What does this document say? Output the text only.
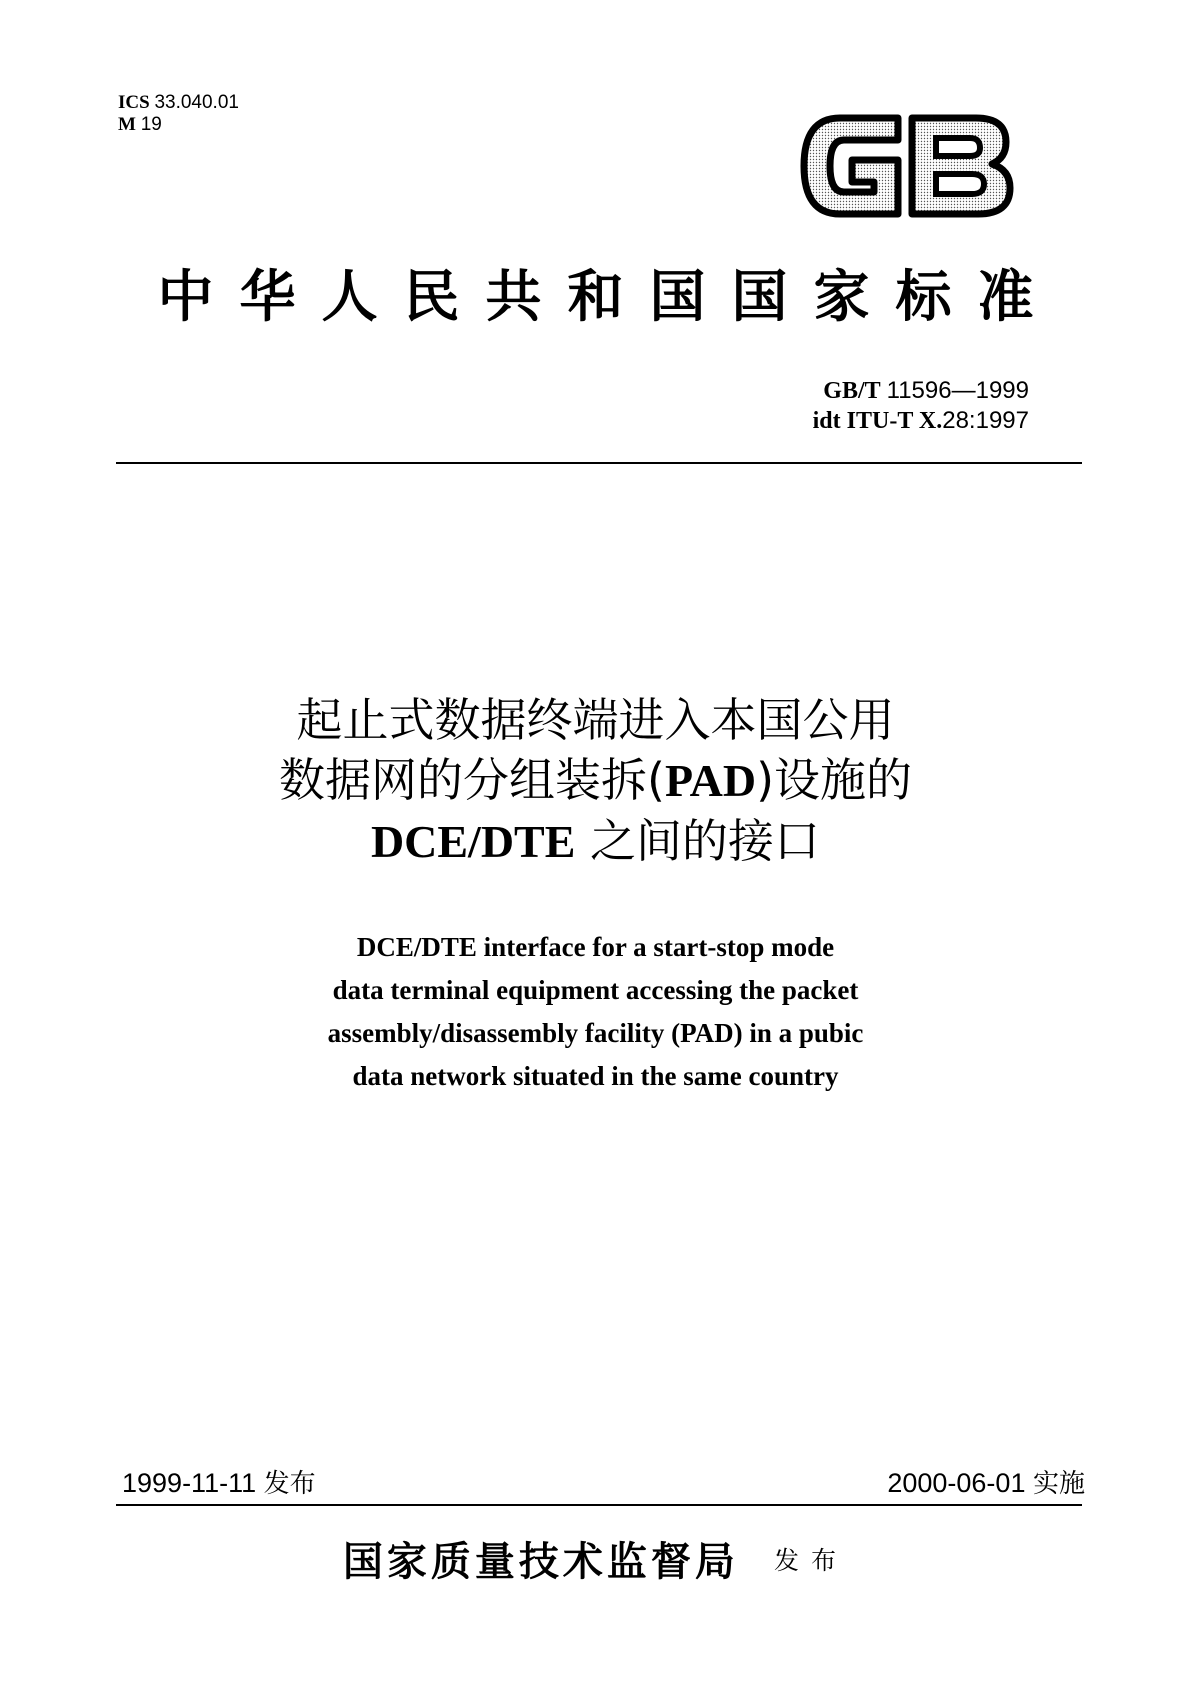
ICS 33.040.01
M 19
中华人民共和国国家标准
GB/T 11596—1999
idt ITU-T X.28:1997
起止式数据终端进入本国公用
数据网的分组装拆(PAD)设施的
DCE/DTE 之间的接口
DCE/DTE interface for a start-stop mode
data terminal equipment accessing the packet
assembly/disassembly facility (PAD) in a pubic
data network situated in the same country
1999-11-11 发布	2000-06-01 实施
国家质量技术监督局 发布
